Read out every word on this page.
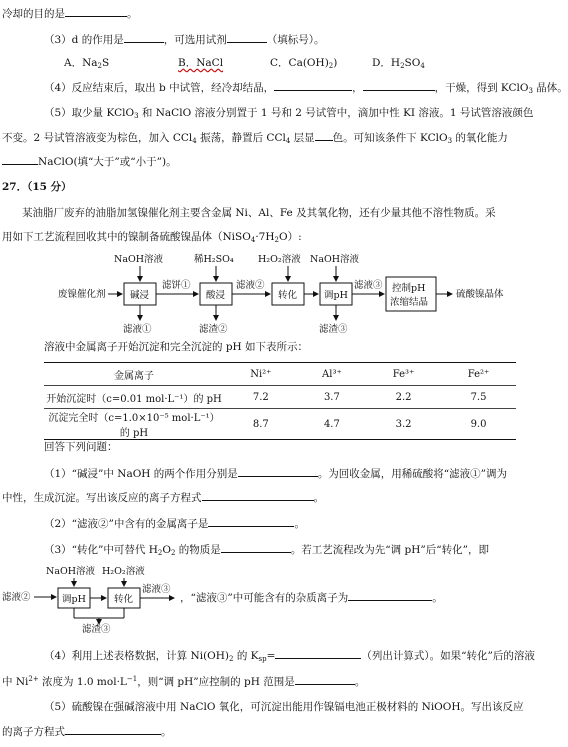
冷却的目的是	。
（3）d 的作用是	，可选用试剂	（填标号）。
A．$Na_2S$	B．NaCl	C．$Ca(OH)_2$)	D．$H_2SO_4$
（4）反应结束后，取出 b 中试管，经冷却结晶，	，	，干燥，得到 KClO$_3$ 晶体。
（5）取少量 KClO$_3$ 和 NaClO 溶液分别置于 1 号和 2 号试管中，滴加中性 KI 溶液。1 号试管溶液颜色
不变。2 号试管溶液变为棕色，加入 CCl$_4$ 振荡，静置后 CCl$_4$ 层显 色。可知该条件下 KClO$_3$ 的氧化能力
NaClO(填“大于”或“小于”)。
27．（15 分）
某油脂厂废弃的油脂加氢镍催化剂主要含金属 Ni、Al、Fe 及其氧化物，还有少量其他不溶性物质。采
用如下工艺流程回收其中的镍制备硫酸镍晶体$(NiSO_4\cdot 7H_2O)$:
废镍催化剂
NaOH溶液
碱浸
滤液①
滤饼①
稀H₂SO₄
酸浸
滤渣②
滤液②
H₂O₂溶液
转化
NaOH溶液
调pH
滤渣③
滤液③ 控制pH
浓缩结晶
硫酸镍晶体
溶液中金属离子开始沉淀和完全沉淀的 pH 如下表所示：
金属离子	Ni²⁺	Al³⁺	Fe³⁺	Fe²⁺
开始沉淀时（c=0.01 mol·L⁻¹）的 pH	7.2	3.7	2.2	7.5
沉淀完全时（c=1.0×10⁻⁵ mol·L⁻¹）的 pH	8.7	4.7	3.2	9.0
回答下列问题：
（1）“碱浸”中 NaOH 的两个作用分别是	。为回收金属，用稀硫酸将“滤液①”调为
中性，生成沉淀。写出该反应的离子方程式	。
（2）“滤液②”中含有的金属离子是	。
（3）“转化”中可替代 $H_2O_2$ 的物质是	。若工艺流程改为先“调 pH”后“转化”，即
滤液②
NaOH溶液
调pH
H₂O₂溶液
转化
滤液③
滤渣③
，“滤液③”中可能含有的杂质离子为	。
（4）利用上述表格数据，计算 $Ni(OH)_2$ 的 $K_{sp}=$	（列出计算式）。如果“转化”后的溶液
中 $Ni^{2+}$ 浓度为 1.0 $mol\cdot L^{-1}$，则“调 pH”应控制的 pH 范围是	。
（5）硫酸镍在强碱溶液中用 NaClO 氧化，可沉淀出能用作镍镉电池正极材料的 NiOOH。写出该反应
的离子方程式	。
